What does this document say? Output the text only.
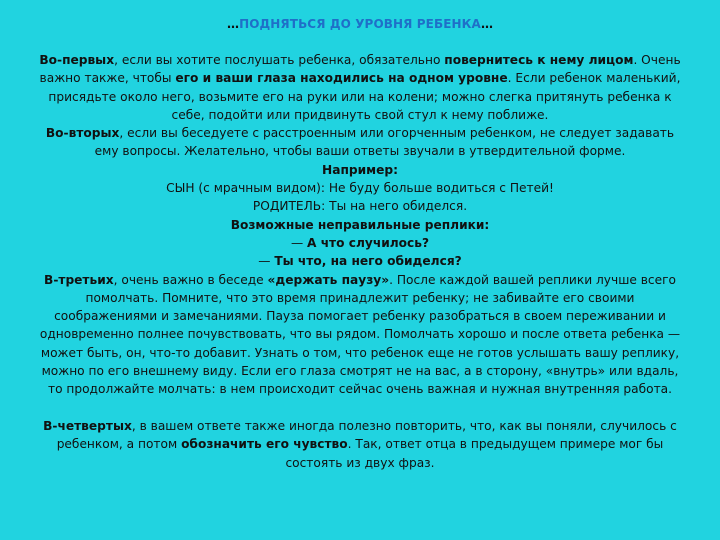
…ПОДНЯТЬСЯ ДО УРОВНЯ РЕБЕНКА…

Во-первых, если вы хотите послушать ребенка, обязательно повернитесь к нему лицом. Очень важно также, чтобы его и ваши глаза находились на одном уровне. Если ребенок маленький, присядьте около него, возьмите его на руки или на колени; можно слегка притянуть ребенка к себе, подойти или придвинуть свой стул к нему поближе.

Во-вторых, если вы беседуете с расстроенным или огорченным ребенком, не следует задавать ему вопросы. Желательно, чтобы ваши ответы звучали в утвердительной форме.

Например:

СЫН (с мрачным видом): Не буду больше водиться с Петей!

РОДИТЕЛЬ: Ты на него обиделся.

Возможные неправильные реплики:

— А что случилось?

— Ты что, на него обиделся?

В-третьих, очень важно в беседе «держать паузу». После каждой вашей реплики лучше всего помолчать. Помните, что это время принадлежит ребенку; не забивайте его своими соображениями и замечаниями. Пауза помогает ребенку разобраться в своем переживании и одновременно полнее почувствовать, что вы рядом. Помолчать хорошо и после ответа ребенка — может быть, он, что-то добавит. Узнать о том, что ребенок еще не готов услышать вашу реплику, можно по его внешнему виду. Если его глаза смотрят не на вас, а в сторону, «внутрь» или вдаль, то продолжайте молчать: в нем происходит сейчас очень важная и нужная внутренняя работа.

В-четвертых, в вашем ответе также иногда полезно повторить, что, как вы поняли, случилось с ребенком, а потом обозначить его чувство. Так, ответ отца в предыдущем примере мог бы состоять из двух фраз.
